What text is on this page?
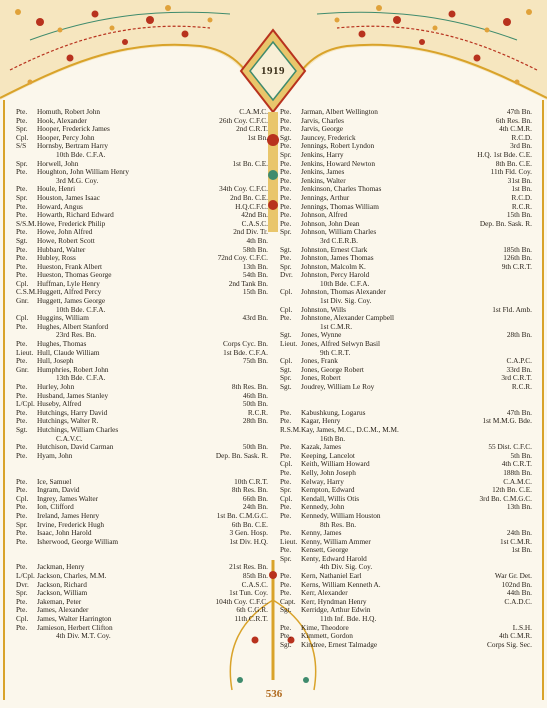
1919
Pte.	Homuth, Robert John	C.A.M.C.
Pte.	Hook, Alexander	26th Coy. C.F.C.
Spr.	Hooper, Frederick James	2nd C.R.T.
Cpl.	Hooper, Percy John	1st Bn.
S/S	Hornsby, Bertram Harry
10th Bde. C.F.A.
Spr.	Horwell, John	1st Bn. C.E.
Pte.	Houghton, John William Henry
3rd M.G. Coy.
Pte.	Houle, Henri	34th Coy. C.F.C.
Spr.	Houston, James Isaac	2nd Bn. C.E.
Pte.	Howard, Angus	H.Q.C.F.C.
Pte.	Howarth, Richard Edward	42nd Bn.
S/S.M. Howe, Frederick Philip	C.A.S.C.
Pte.	Howe, John Alfred	2nd Div. Tr.
Sgt.	Howe, Robert Scott	4th Bn.
Pte.	Hubbard, Walter	58th Bn.
Pte.	Hubley, Ross	72nd Coy. C.F.C.
Pte.	Hueston, Frank Albert	13th Bn.
Pte.	Hueston, Thomas George	54th Bn.
Cpl.	Huffman, Lyle Henry	2nd Tank Bn.
C.S.M. Huggett, Alfred Percy	15th Bn.
Gnr.	Huggett, James George
10th Bde. C.F.A.
Cpl.	Huggins, William	43rd Bn.
Pte.	Hughes, Albert Stanford
23rd Res. Bn.
Pte.	Hughes, Thomas	Corps Cyc. Bn.
Lieut. Hull, Claude William	1st Bde. C.F.A.
Pte.	Hull, Joseph	75th Bn.
Gnr.	Humphries, Robert John
13th Bde. C.F.A.
Pte.	Hurley, John	8th Res. Bn.
Pte.	Husband, James Stanley	46th Bn.
L/Cpl. Huseby, Alfred	50th Bn.
Pte.	Hutchings, Harry David	R.C.R.
Pte.	Hutchings, Walter R.	28th Bn.
Sgt.	Hutchings, William Charles
C.A.V.C.
Pte.	Hutchison, David Carman	50th Bn.
Pte.	Hyam, John	Dep. Bn. Sask. R.
Pte.	Ice, Samuel	10th C.R.T.
Pte.	Ingram, David	8th Res. Bn.
Cpl.	Ingrey, James Walter	66th Bn.
Pte.	Ion, Clifford	24th Bn.
Pte.	Ireland, James Henry	1st Bn. C.M.G.C.
Spr.	Irvine, Frederick Hugh	6th Bn. C.E.
Pte.	Isaac, John Harold	3 Gen. Hosp.
Pte.	Isherwood, George William	1st Div. H.Q.
Pte.	Jackman, Henry	21st Res. Bn.
L/Cpl. Jackson, Charles, M.M.	85th Bn.
Dvr.	Jackson, Richard	C.A.S.C.
Spr.	Jackson, William	1st Tun. Coy.
Pte.	Jakeman, Peter	104th Coy. C.F.C.
Pte.	James, Alexander	6th C.G.R.
Cpl.	James, Walter Harrington	11th C.R.T.
Pte.	Jamieson, Herbert Clifton
4th Div. M.T. Coy.
Pte.	Jarman, Albert Wellington	47th Bn.
Pte.	Jarvis, Charles	6th Res. Bn.
Pte.	Jarvis, George	4th C.M.R.
Sgt.	Jauncey, Frederick	R.C.D.
Pte.	Jennings, Robert Lyndon	3rd Bn.
Spr.	Jenkins, Harry	H.Q. 1st Bde. C.E.
Pte.	Jenkins, Howard Newton	8th Bn. C.E.
Pte.	Jenkins, James	11th Fld. Coy.
Pte.	Jenkins, Walter	31st Bn.
Pte.	Jenkinson, Charles Thomas	1st Bn.
Pte.	Jennings, Arthur	R.C.D.
Pte.	Jennings, Thomas William	R.C.R.
Pte.	Johnson, Alfred	15th Bn.
Pte.	Johnson, John Dean	Dep. Bn. Sask. R.
Spr.	Johnson, William Charles
3rd C.E.R.B.
Sgt.	Johnston, Ernest Clark	185th Bn.
Pte.	Johnston, James Thomas	126th Bn.
Spr.	Johnston, Malcolm K.	9th C.R.T.
Dvr.	Johnston, Percy Harold
10th Bde. C.F.A.
Cpl.	Johnston, Thomas Alexander
1st Div. Sig. Coy.
Cpl.	Johnston, Wills	1st Fld. Amb.
Pte.	Johnstone, Alexander Campbell
1st C.M.R.
Sgt.	Jones, Wynne	28th Bn.
Lieut. Jones, Alfred Selwyn Basil
9th C.R.T.
Cpl.	Jones, Frank	C.A.P.C.
Sgt.	Jones, George Robert	33rd Bn.
Spr.	Jones, Robert	3rd C.R.T.
Sgt.	Joudrey, William Le Roy	R.C.R.
Pte.	Kabushkung, Logarus	47th Bn.
Pte.	Kagar, Henry	1st M.M.G. Bde.
R.S.M. Kay, James, M.C., D.C.M., M.M.
16th Bn.
Pte.	Kazak, James	55 Dist. C.F.C.
Pte.	Keeping, Lancelot	5th Bn.
Cpl.	Keith, William Howard	4th C.R.T.
Pte.	Kelly, John Joseph	188th Bn.
Pte.	Kelway, Harry	C.A.M.C.
Spr.	Kempton, Edward	12th Bn. C.E.
Cpl.	Kendall, Willis Otis	3rd Bn. C.M.G.C.
Pte.	Kennedy, John	13th Bn.
Pte.	Kennedy, William Houston
8th Res. Bn.
Pte.	Kenny, James	24th Bn.
Lieut. Kenny, William Ammer	1st C.M.R.
Pte.	Kensett, George	1st Bn.
Spr.	Kenty, Edward Harold
4th Div. Sig. Coy.
Pte.	Kern, Nathaniel Earl	War Gr. Det.
Pte.	Kerns, William Kenneth A.	102nd Bn.
Pte.	Kerr, Alexander	44th Bn.
Capt. Kerr, Hyndman Henry	C.A.D.C.
Sgt.	Kerridge, Arthur Edwin
11th Inf. Bde. H.Q.
Pte.	Kime, Theodore	L.S.H.
Pte.	Kimmett, Gordon	4th C.M.R.
Sgt.	Kindree, Ernest Talmadge	Corps Sig. Sec.
536
